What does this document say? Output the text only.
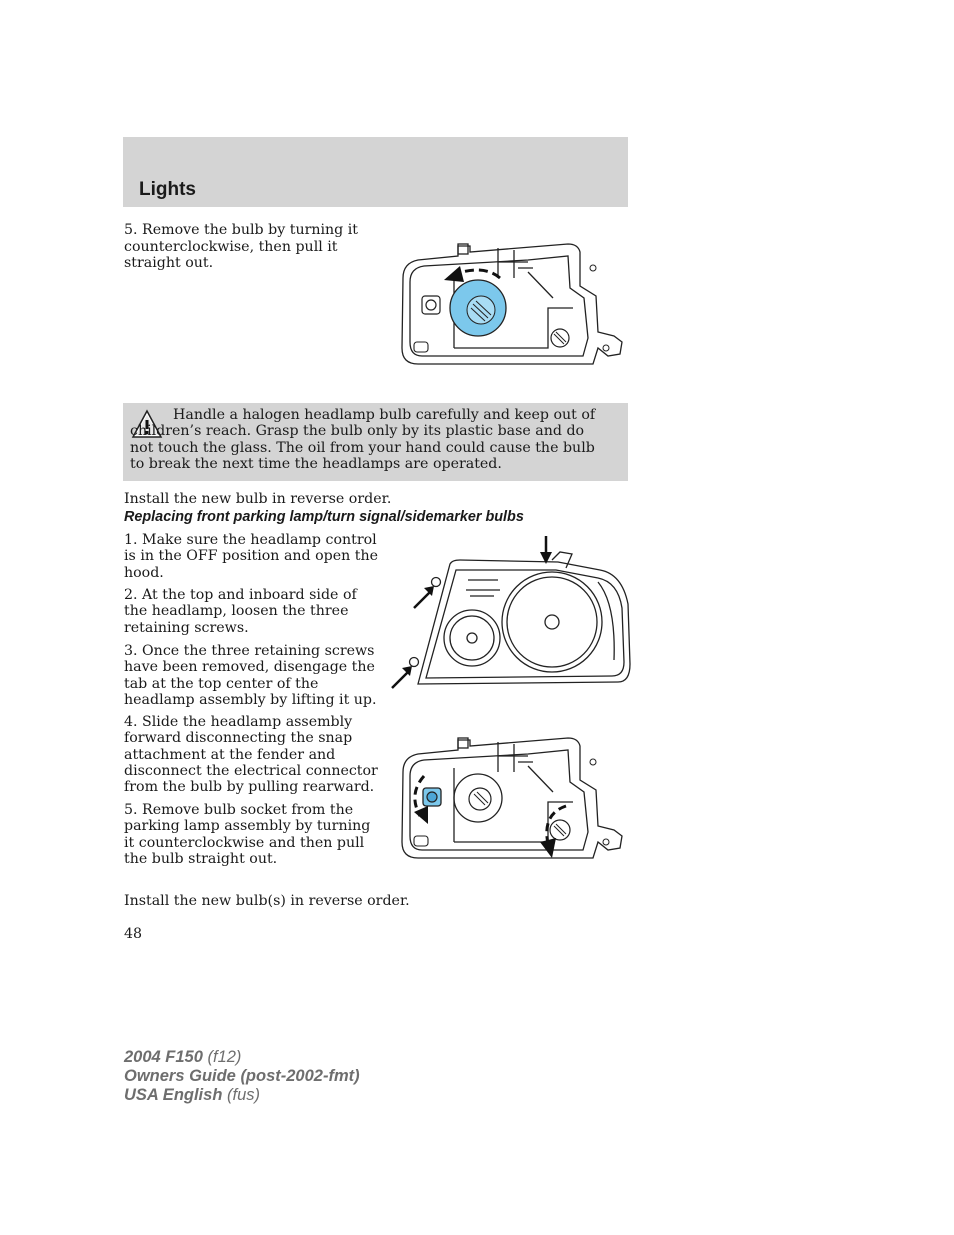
Lights

5. Remove the bulb by turning it counterclockwise, then pull it straight out.

Handle a halogen headlamp bulb carefully and keep out of children’s reach. Grasp the bulb only by its plastic base and do not touch the glass. The oil from your hand could cause the bulb to break the next time the headlamps are operated.

Install the new bulb in reverse order.

Replacing front parking lamp/turn signal/sidemarker bulbs

1. Make sure the headlamp control is in the OFF position and open the hood.

2. At the top and inboard side of the headlamp, loosen the three retaining screws.

3. Once the three retaining screws have been removed, disengage the tab at the top center of the headlamp assembly by lifting it up.

4. Slide the headlamp assembly forward disconnecting the snap attachment at the fender and disconnect the electrical connector from the bulb by pulling rearward.

5. Remove bulb socket from the parking lamp assembly by turning it counterclockwise and then pull the bulb straight out.

Install the new bulb(s) in reverse order.

48

2004 F150 (f12)
Owners Guide (post-2002-fmt)
USA English (fus)
